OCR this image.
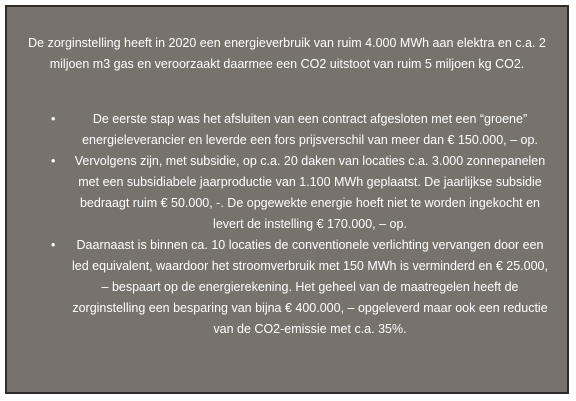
De zorginstelling heeft in 2020 een energieverbruik van ruim 4.000 MWh aan elektra en c.a. 2 miljoen m3 gas en veroorzaakt daarmee een CO2 uitstoot van ruim 5 miljoen kg CO2.

•	De eerste stap was het afsluiten van een contract afgesloten met een “groene” energieleverancier en leverde een fors prijsverschil van meer dan € 150.000, – op.
•	Vervolgens zijn, met subsidie, op c.a. 20 daken van locaties c.a. 3.000 zonnepanelen met een subsidiabele jaarproductie van 1.100 MWh geplaatst. De jaarlijkse subsidie bedraagt ruim € 50.000, -. De opgewekte energie hoeft niet te worden ingekocht en levert de instelling € 170.000, – op.
•	Daarnaast is binnen ca. 10 locaties de conventionele verlichting vervangen door een led equivalent, waardoor het stroomverbruik met 150 MWh is verminderd en € 25.000, – bespaart op de energierekening. Het geheel van de maatregelen heeft de zorginstelling een besparing van bijna € 400.000, – opgeleverd maar ook een reductie van de CO2-emissie met c.a. 35%.
